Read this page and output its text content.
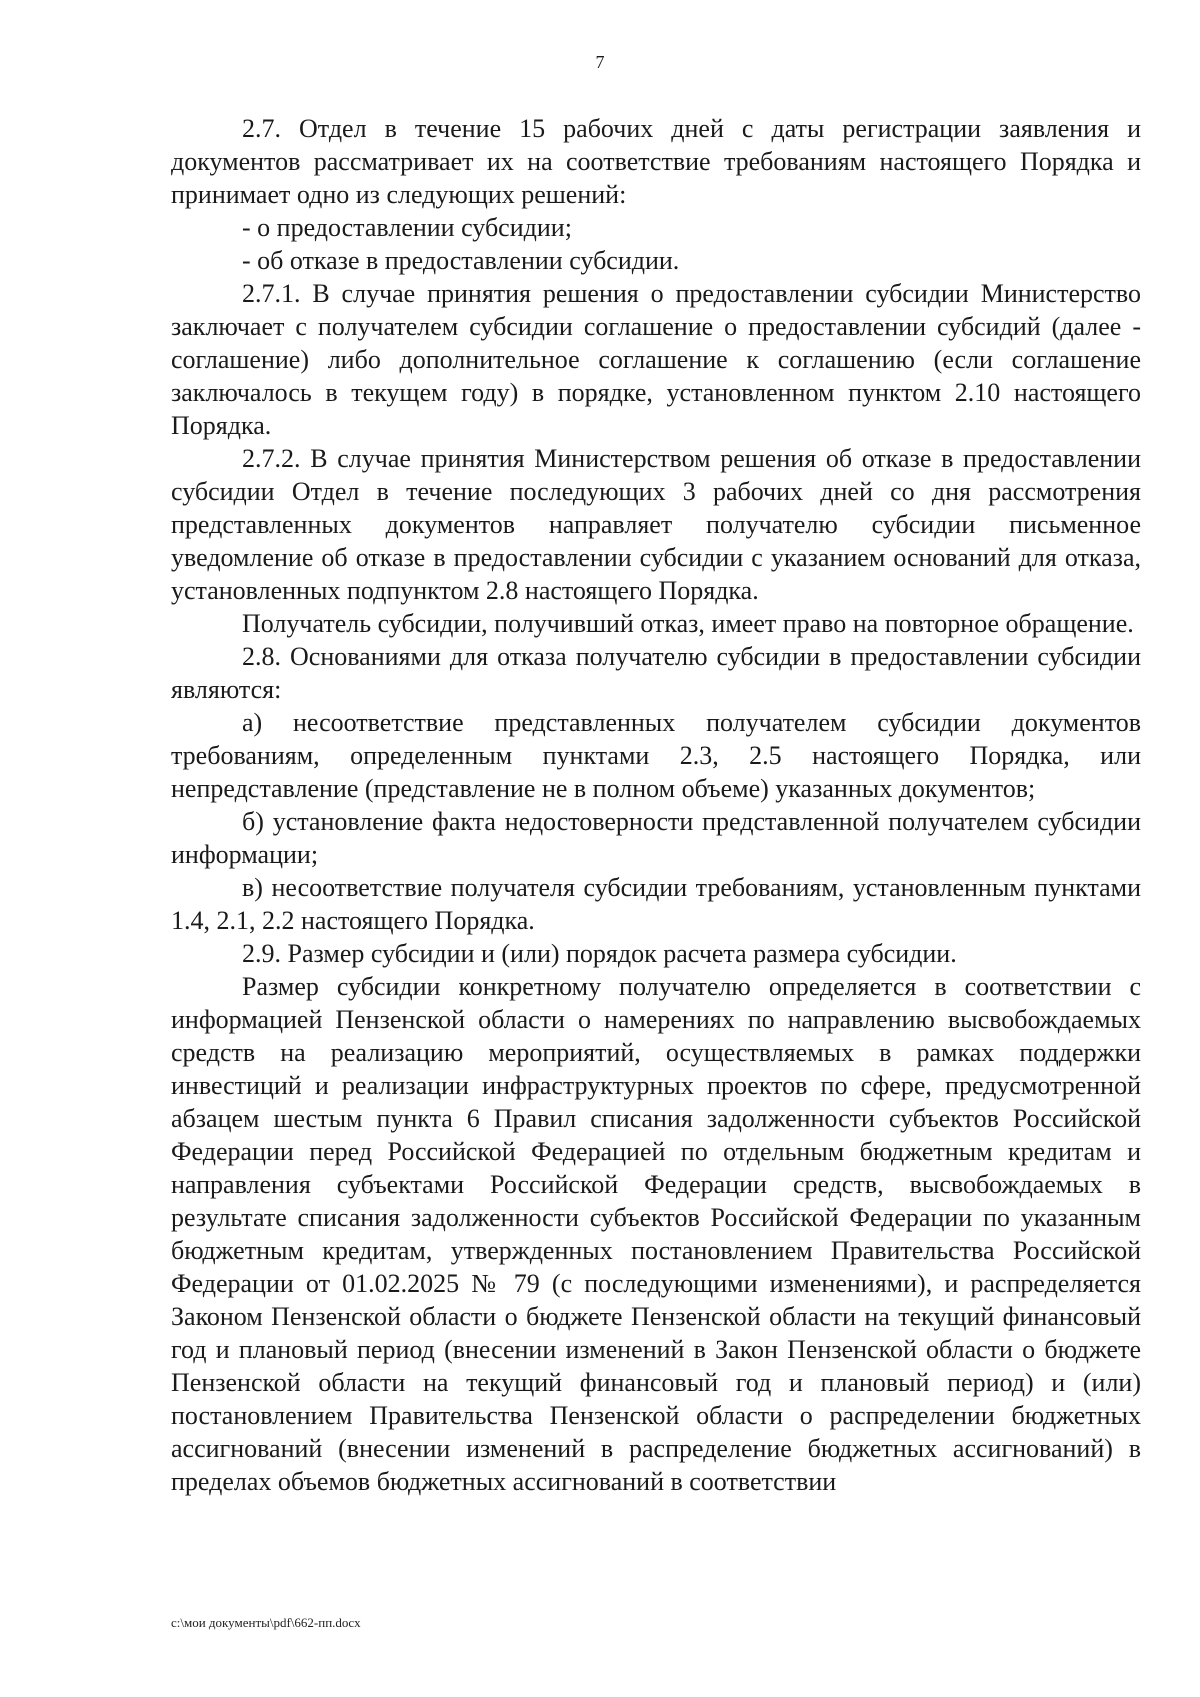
7

2.7. Отдел в течение 15 рабочих дней с даты регистрации заявления и документов рассматривает их на соответствие требованиям настоящего Порядка и принимает одно из следующих решений:

- о предоставлении субсидии;

- об отказе в предоставлении субсидии.

2.7.1. В случае принятия решения о предоставлении субсидии Министерство заключает с получателем субсидии соглашение о предоставлении субсидий (далее - соглашение) либо дополнительное соглашение к соглашению (если соглашение заключалось в текущем году) в порядке, установленном пунктом 2.10 настоящего Порядка.

2.7.2. В случае принятия Министерством решения об отказе в предоставлении субсидии Отдел в течение последующих 3 рабочих дней со дня рассмотрения представленных документов направляет получателю субсидии письменное уведомление об отказе в предоставлении субсидии с указанием оснований для отказа, установленных подпунктом 2.8 настоящего Порядка.

Получатель субсидии, получивший отказ, имеет право на повторное обращение.

2.8. Основаниями для отказа получателю субсидии в предоставлении субсидии являются:

а) несоответствие представленных получателем субсидии документов требованиям, определенным пунктами 2.3, 2.5 настоящего Порядка, или непредставление (представление не в полном объеме) указанных документов;

б) установление факта недостоверности представленной получателем субсидии информации;

в) несоответствие получателя субсидии требованиям, установленным пунктами 1.4, 2.1, 2.2 настоящего Порядка.

2.9. Размер субсидии и (или) порядок расчета размера субсидии.

Размер субсидии конкретному получателю определяется в соответствии с информацией Пензенской области о намерениях по направлению высвобождаемых средств на реализацию мероприятий, осуществляемых в рамках поддержки инвестиций и реализации инфраструктурных проектов по сфере, предусмотренной абзацем шестым пункта 6 Правил списания задолженности субъектов Российской Федерации перед Российской Федерацией по отдельным бюджетным кредитам и направления субъектами Российской Федерации средств, высвобождаемых в результате списания задолженности субъектов Российской Федерации по указанным бюджетным кредитам, утвержденных постановлением Правительства Российской Федерации от 01.02.2025 № 79 (с последующими изменениями), и распределяется Законом Пензенской области о бюджете Пензенской области на текущий финансовый год и плановый период (внесении изменений в Закон Пензенской области о бюджете Пензенской области на текущий финансовый год и плановый период) и (или) постановлением Правительства Пензенской области о распределении бюджетных ассигнований (внесении изменений в распределение бюджетных ассигнований) в пределах объемов бюджетных ассигнований в соответствии

c:\мои документы\pdf\662-пп.docx
